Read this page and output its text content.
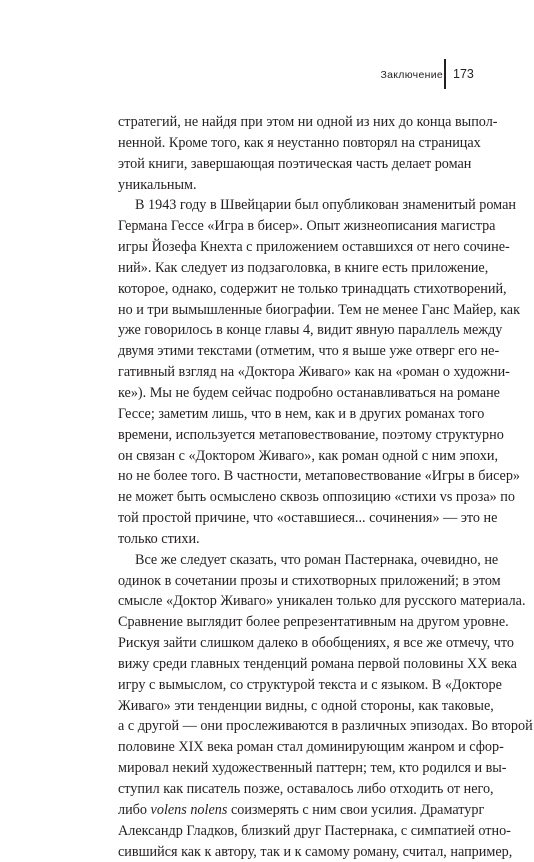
Заключение 173
стратегий, не найдя при этом ни одной из них до конца выпол-
ненной. Кроме того, как я неустанно повторял на страницах
этой книги, завершающая поэтическая часть делает роман
уникальным.
В 1943 году в Швейцарии был опубликован знаменитый роман
Германа Гессе «Игра в бисер». Опыт жизнеописания магистра
игры Йозефа Кнехта с приложением оставшихся от него сочине-
ний». Как следует из подзаголовка, в книге есть приложение,
которое, однако, содержит не только тринадцать стихотворений,
но и три вымышленные биографии. Тем не менее Ганс Майер, как
уже говорилось в конце главы 4, видит явную параллель между
двумя этими текстами (отметим, что я выше уже отверг его не-
гативный взгляд на «Доктора Живаго» как на «роман о художни-
ке»). Мы не будем сейчас подробно останавливаться на романе
Гессе; заметим лишь, что в нем, как и в других романах того
времени, используется метаповествование, поэтому структурно
он связан с «Доктором Живаго», как роман одной с ним эпохи,
но не более того. В частности, метаповествование «Игры в бисер»
не может быть осмыслено сквозь оппозицию «стихи vs проза» по
той простой причине, что «оставшиеся... сочинения» — это не
только стихи.
Все же следует сказать, что роман Пастернака, очевидно, не
одинок в сочетании прозы и стихотворных приложений; в этом
смысле «Доктор Живаго» уникален только для русского материала.
Сравнение выглядит более репрезентативным на другом уровне.
Рискуя зайти слишком далеко в обобщениях, я все же отмечу, что
вижу среди главных тенденций романа первой половины XX века
игру с вымыслом, со структурой текста и с языком. В «Докторе
Живаго» эти тенденции видны, с одной стороны, как таковые,
а с другой — они прослеживаются в различных эпизодах. Во второй
половине XIX века роман стал доминирующим жанром и сфор-
мировал некий художественный паттерн; тем, кто родился и вы-
ступил как писатель позже, оставалось либо отходить от него,
либо volens nolens соизмерять с ним свои усилия. Драматург
Александр Гладков, близкий друг Пастернака, с симпатией отно-
сившийся как к автору, так и к самому роману, считал, например,
